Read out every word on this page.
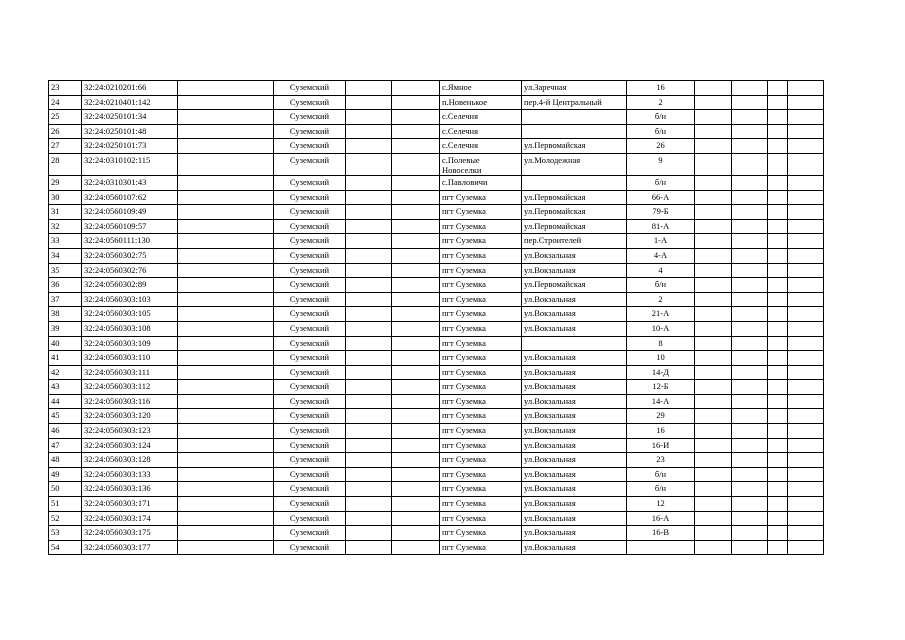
23	32:24:0210201:66		Суземский			с.Ямное	ул.Заречная	16				
24	32:24:0210401:142		Суземский			п.Новенькое	пер.4-й Центральный	2				
25	32:24:0250101:34		Суземский			с.Селечня		б/н				
26	32:24:0250101:48		Суземский			с.Селечня		б/н				
27	32:24:0250101:73		Суземский			с.Селечня	ул.Первомайская	26				
28	32:24:0310102:115		Суземский			с.Полевые Новоселки	ул.Молодежная	9				
29	32:24:0310301:43		Суземский			с.Павловичи		б/н				
30	32:24:0560107:62		Суземский			пгт Суземка	ул.Первомайская	66-А				
31	32:24:0560109:49		Суземский			пгт Суземка	ул.Первомайская	79-Б				
32	32:24:0560109:57		Суземский			пгт Суземка	ул.Первомайская	81-А				
33	32:24:0560111:130		Суземский			пгт Суземка	пер.Строителей	1-А				
34	32:24:0560302:75		Суземский			пгт Суземка	ул.Вокзальная	4-А				
35	32:24:0560302:76		Суземский			пгт Суземка	ул.Вокзальная	4				
36	32:24:0560302:89		Суземский			пгт Суземка	ул.Первомайская	б/н				
37	32:24:0560303:103		Суземский			пгт Суземка	ул.Вокзальная	2				
38	32:24:0560303:105		Суземский			пгт Суземка	ул.Вокзальная	21-А				
39	32:24:0560303:108		Суземский			пгт Суземка	ул.Вокзальная	10-А				
40	32:24:0560303:109		Суземский			пгт Суземка		8				
41	32:24:0560303:110		Суземский			пгт Суземка	ул.Вокзальная	10				
42	32:24:0560303:111		Суземский			пгт Суземка	ул.Вокзальная	14-Д				
43	32:24:0560303:112		Суземский			пгт Суземка	ул.Вокзальная	12-Б				
44	32:24:0560303:116		Суземский			пгт Суземка	ул.Вокзальная	14-А				
45	32:24:0560303:120		Суземский			пгт Суземка	ул.Вокзальная	29				
46	32:24:0560303:123		Суземский			пгт Суземка	ул.Вокзальная	16				
47	32:24:0560303:124		Суземский			пгт Суземка	ул.Вокзальная	16-И				
48	32:24:0560303:128		Суземский			пгт Суземка	ул.Вокзальная	23				
49	32:24:0560303:133		Суземский			пгт Суземка	ул.Вокзальная	б/н				
50	32:24:0560303:136		Суземский			пгт Суземка	ул.Вокзальная	б/н				
51	32:24:0560303:171		Суземский			пгт Суземка	ул.Вокзальная	12				
52	32:24:0560303:174		Суземский			пгт Суземка	ул.Вокзальная	16-А				
53	32:24:0560303:175		Суземский			пгт Суземка	ул.Вокзальная	16-В				
54	32:24:0560303:177		Суземский			пгт Суземка	ул.Вокзальная					
